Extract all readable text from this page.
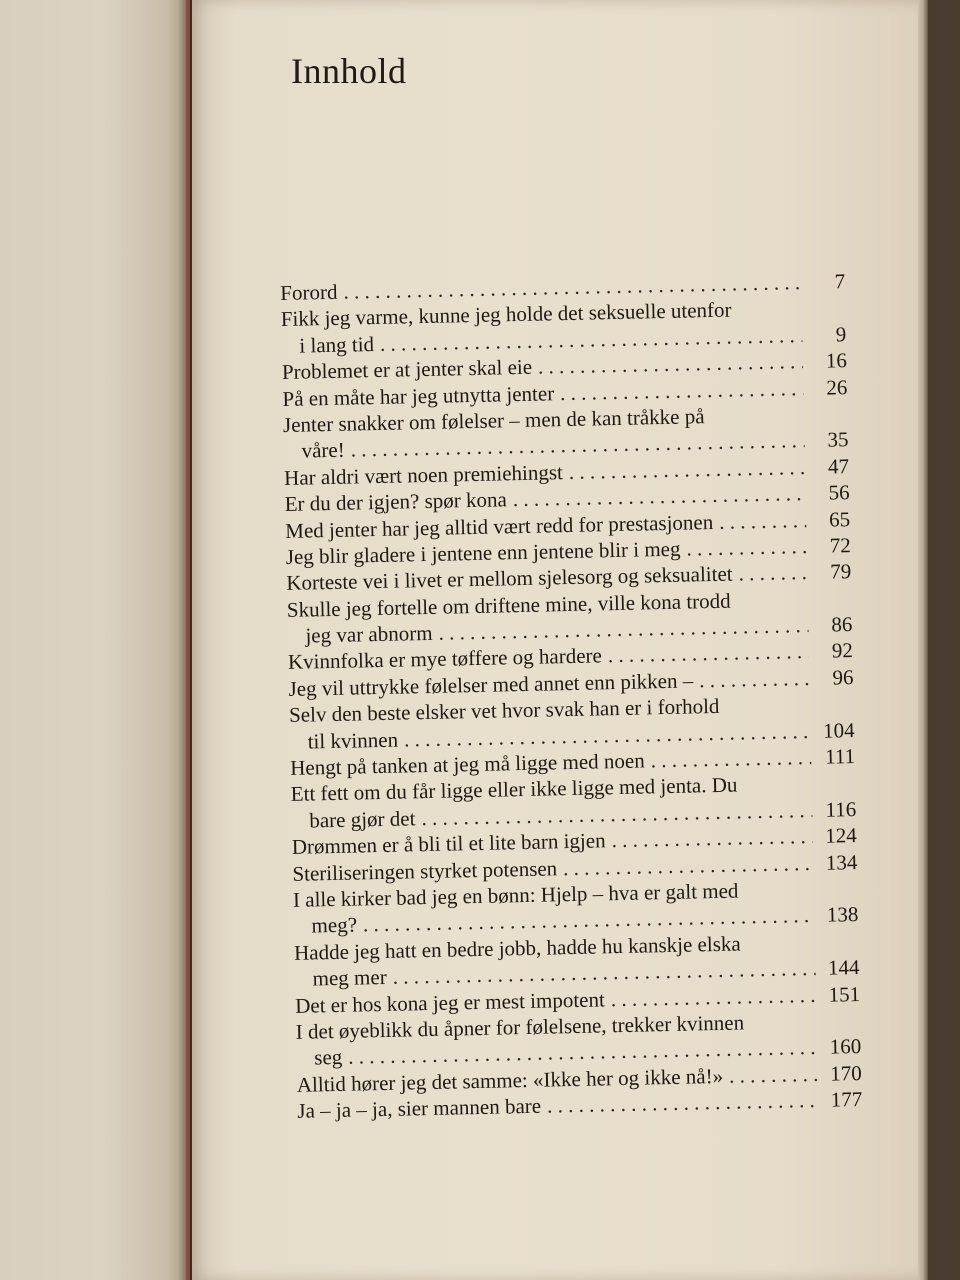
Innhold
Forord . . .	7
Fikk jeg varme, kunne jeg holde det seksuelle utenfor
i lang tid . . .	9
Problemet er at jenter skal eie . . .	16
På en måte har jeg utnytta jenter . . .	26
Jenter snakker om følelser – men de kan tråkke på
våre! . . .	35
Har aldri vært noen premiehingst . . .	47
Er du der igjen? spør kona . . .	56
Med jenter har jeg alltid vært redd for prestasjonen . . .	65
Jeg blir gladere i jentene enn jentene blir i meg . . .	72
Korteste vei i livet er mellom sjelesorg og seksualitet . . .	79
Skulle jeg fortelle om driftene mine, ville kona trodd
jeg var abnorm . . .	86
Kvinnfolka er mye tøffere og hardere . . .	92
Jeg vil uttrykke følelser med annet enn pikken – . . .	96
Selv den beste elsker vet hvor svak han er i forhold
til kvinnen . . .	104
Hengt på tanken at jeg må ligge med noen . . .	111
Ett fett om du får ligge eller ikke ligge med jenta. Du
bare gjør det . . .	116
Drømmen er å bli til et lite barn igjen . . .	124
Steriliseringen styrket potensen . . .	134
I alle kirker bad jeg en bønn: Hjelp – hva er galt med
meg? . . .	138
Hadde jeg hatt en bedre jobb, hadde hu kanskje elska
meg mer . . .	144
Det er hos kona jeg er mest impotent . . .	151
I det øyeblikk du åpner for følelsene, trekker kvinnen
seg . . .	160
Alltid hører jeg det samme: «Ikke her og ikke nå!» . . .	170
Ja – ja – ja, sier mannen bare . . .	177
